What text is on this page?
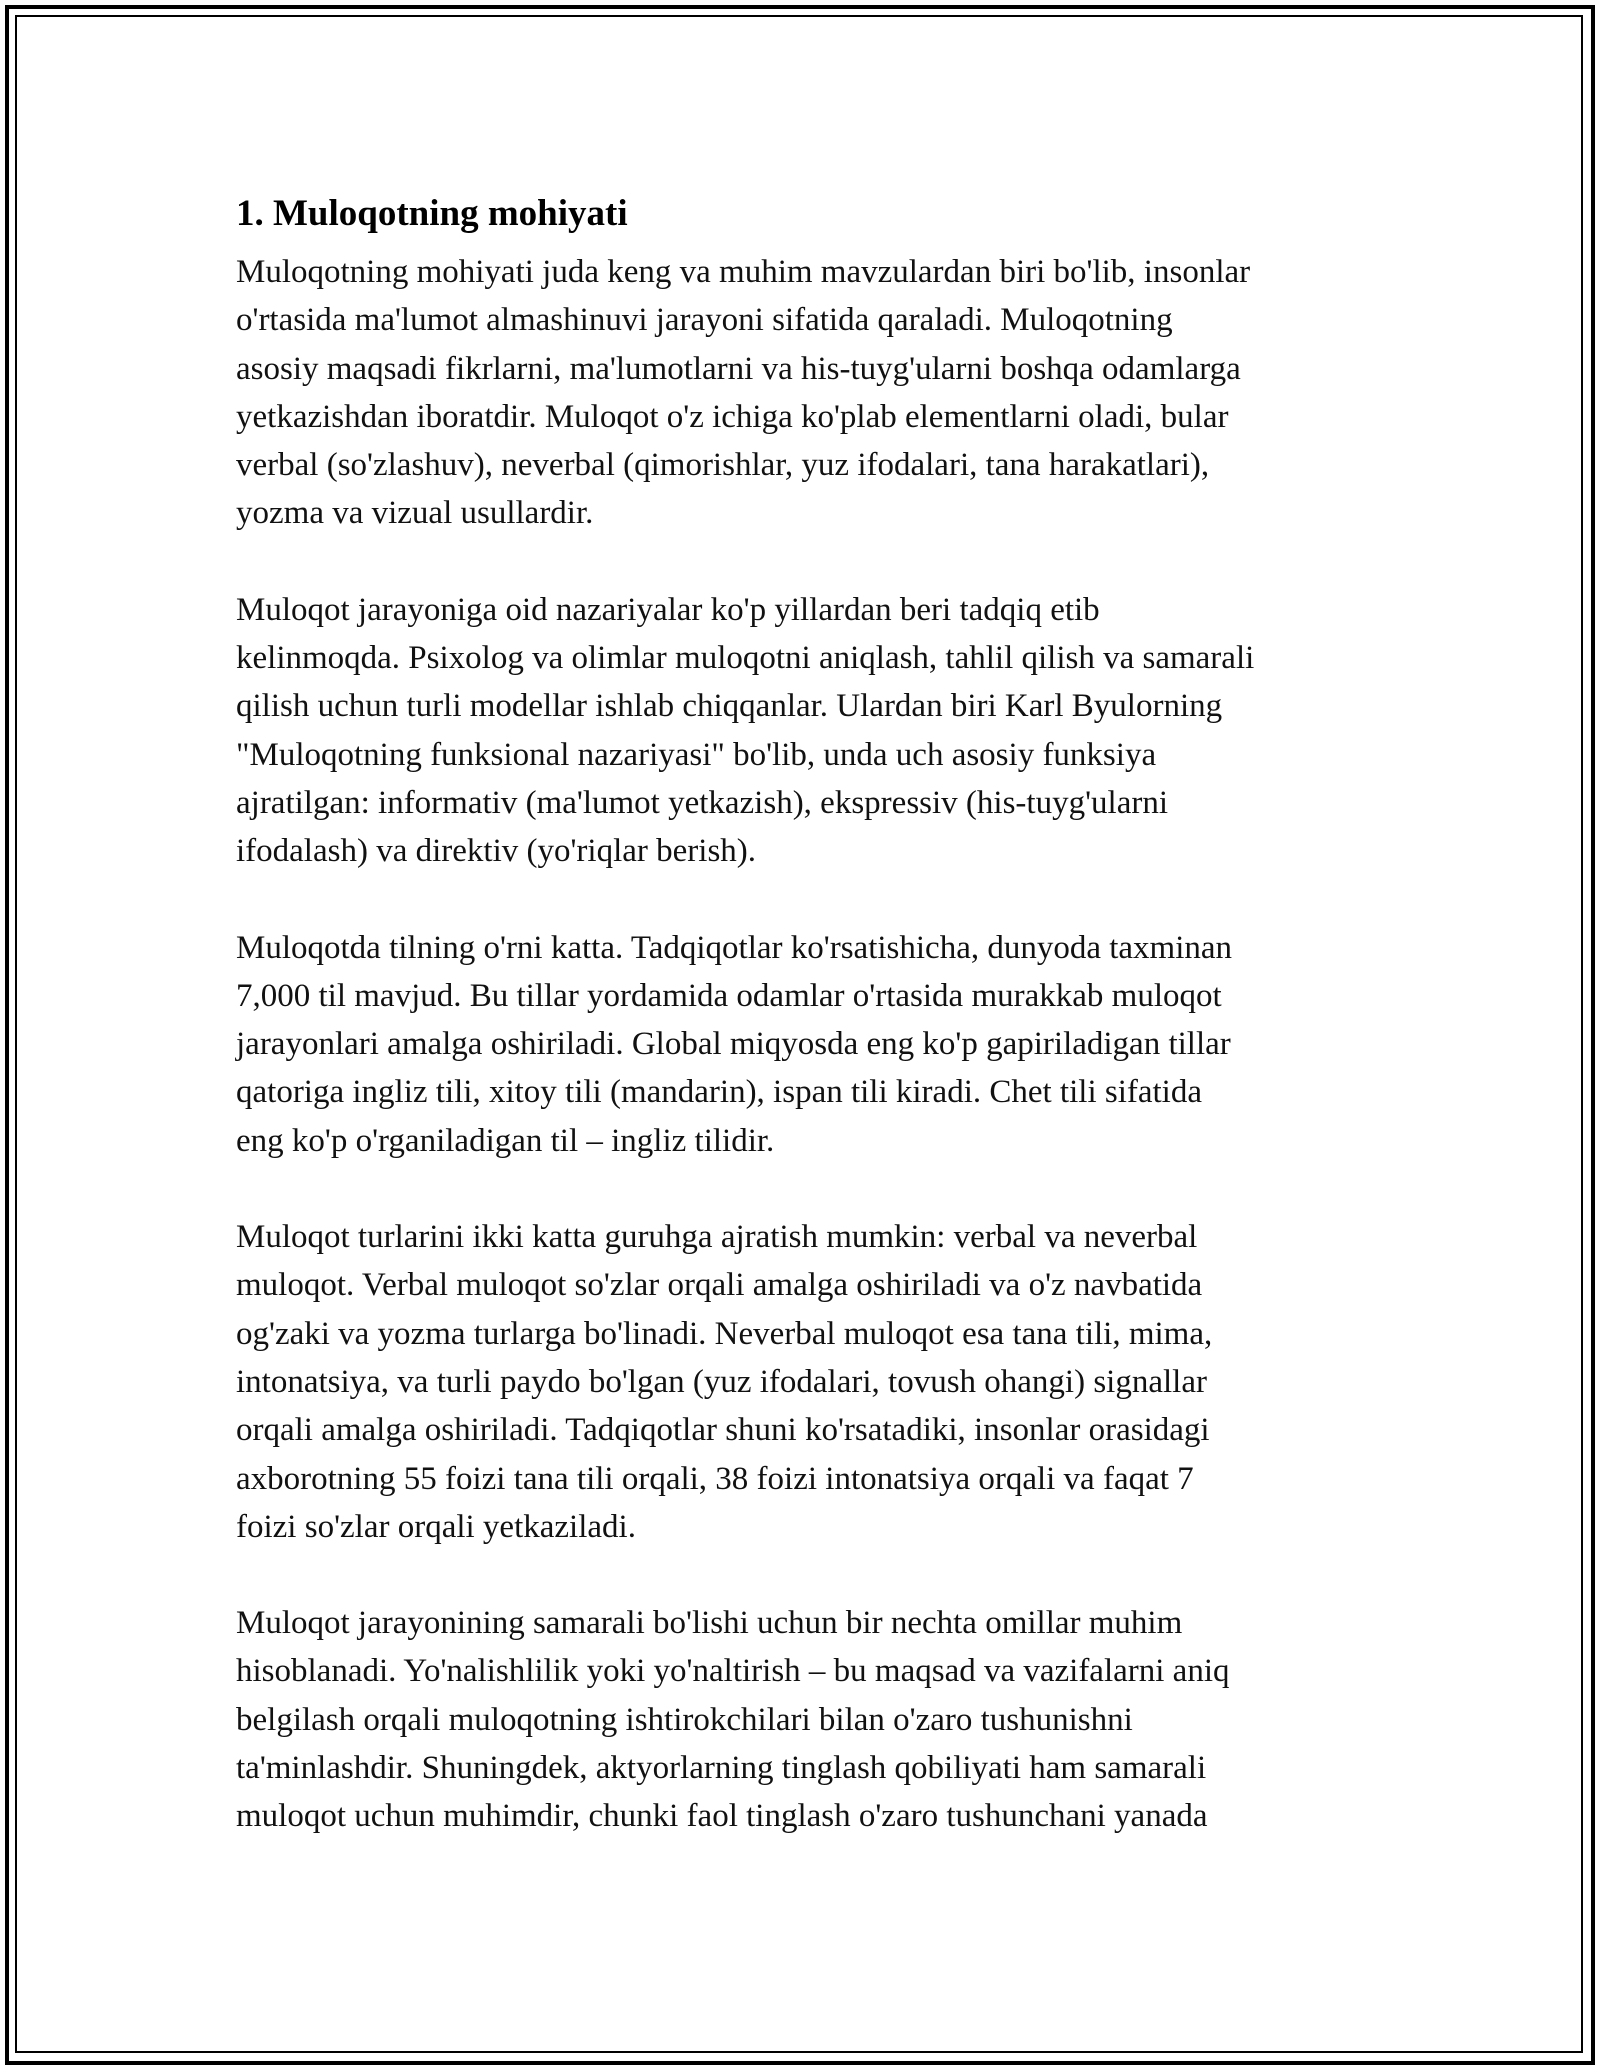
1. Muloqotning mohiyati
Muloqotning mohiyati juda keng va muhim mavzulardan biri bo'lib, insonlar
o'rtasida ma'lumot almashinuvi jarayoni sifatida qaraladi. Muloqotning
asosiy maqsadi fikrlarni, ma'lumotlarni va his-tuyg'ularni boshqa odamlarga
yetkazishdan iboratdir. Muloqot o'z ichiga ko'plab elementlarni oladi, bular
verbal (so'zlashuv), neverbal (qimorishlar, yuz ifodalari, tana harakatlari),
yozma va vizual usullardir.
Muloqot jarayoniga oid nazariyalar ko'p yillardan beri tadqiq etib
kelinmoqda. Psixolog va olimlar muloqotni aniqlash, tahlil qilish va samarali
qilish uchun turli modellar ishlab chiqqanlar. Ulardan biri Karl Byulorning
"Muloqotning funksional nazariyasi" bo'lib, unda uch asosiy funksiya
ajratilgan: informativ (ma'lumot yetkazish), ekspressiv (his-tuyg'ularni
ifodalash) va direktiv (yo'riqlar berish).
Muloqotda tilning o'rni katta. Tadqiqotlar ko'rsatishicha, dunyoda taxminan
7,000 til mavjud. Bu tillar yordamida odamlar o'rtasida murakkab muloqot
jarayonlari amalga oshiriladi. Global miqyosda eng ko'p gapiriladigan tillar
qatoriga ingliz tili, xitoy tili (mandarin), ispan tili kiradi. Chet tili sifatida
eng ko'p o'rganiladigan til – ingliz tilidir.
Muloqot turlarini ikki katta guruhga ajratish mumkin: verbal va neverbal
muloqot. Verbal muloqot so'zlar orqali amalga oshiriladi va o'z navbatida
og'zaki va yozma turlarga bo'linadi. Neverbal muloqot esa tana tili, mima,
intonatsiya, va turli paydo bo'lgan (yuz ifodalari, tovush ohangi) signallar
orqali amalga oshiriladi. Tadqiqotlar shuni ko'rsatadiki, insonlar orasidagi
axborotning 55 foizi tana tili orqali, 38 foizi intonatsiya orqali va faqat 7
foizi so'zlar orqali yetkaziladi.
Muloqot jarayonining samarali bo'lishi uchun bir nechta omillar muhim
hisoblanadi. Yo'nalishlilik yoki yo'naltirish – bu maqsad va vazifalarni aniq
belgilash orqali muloqotning ishtirokchilari bilan o'zaro tushunishni
ta'minlashdir. Shuningdek, aktyorlarning tinglash qobiliyati ham samarali
muloqot uchun muhimdir, chunki faol tinglash o'zaro tushunchani yanada
